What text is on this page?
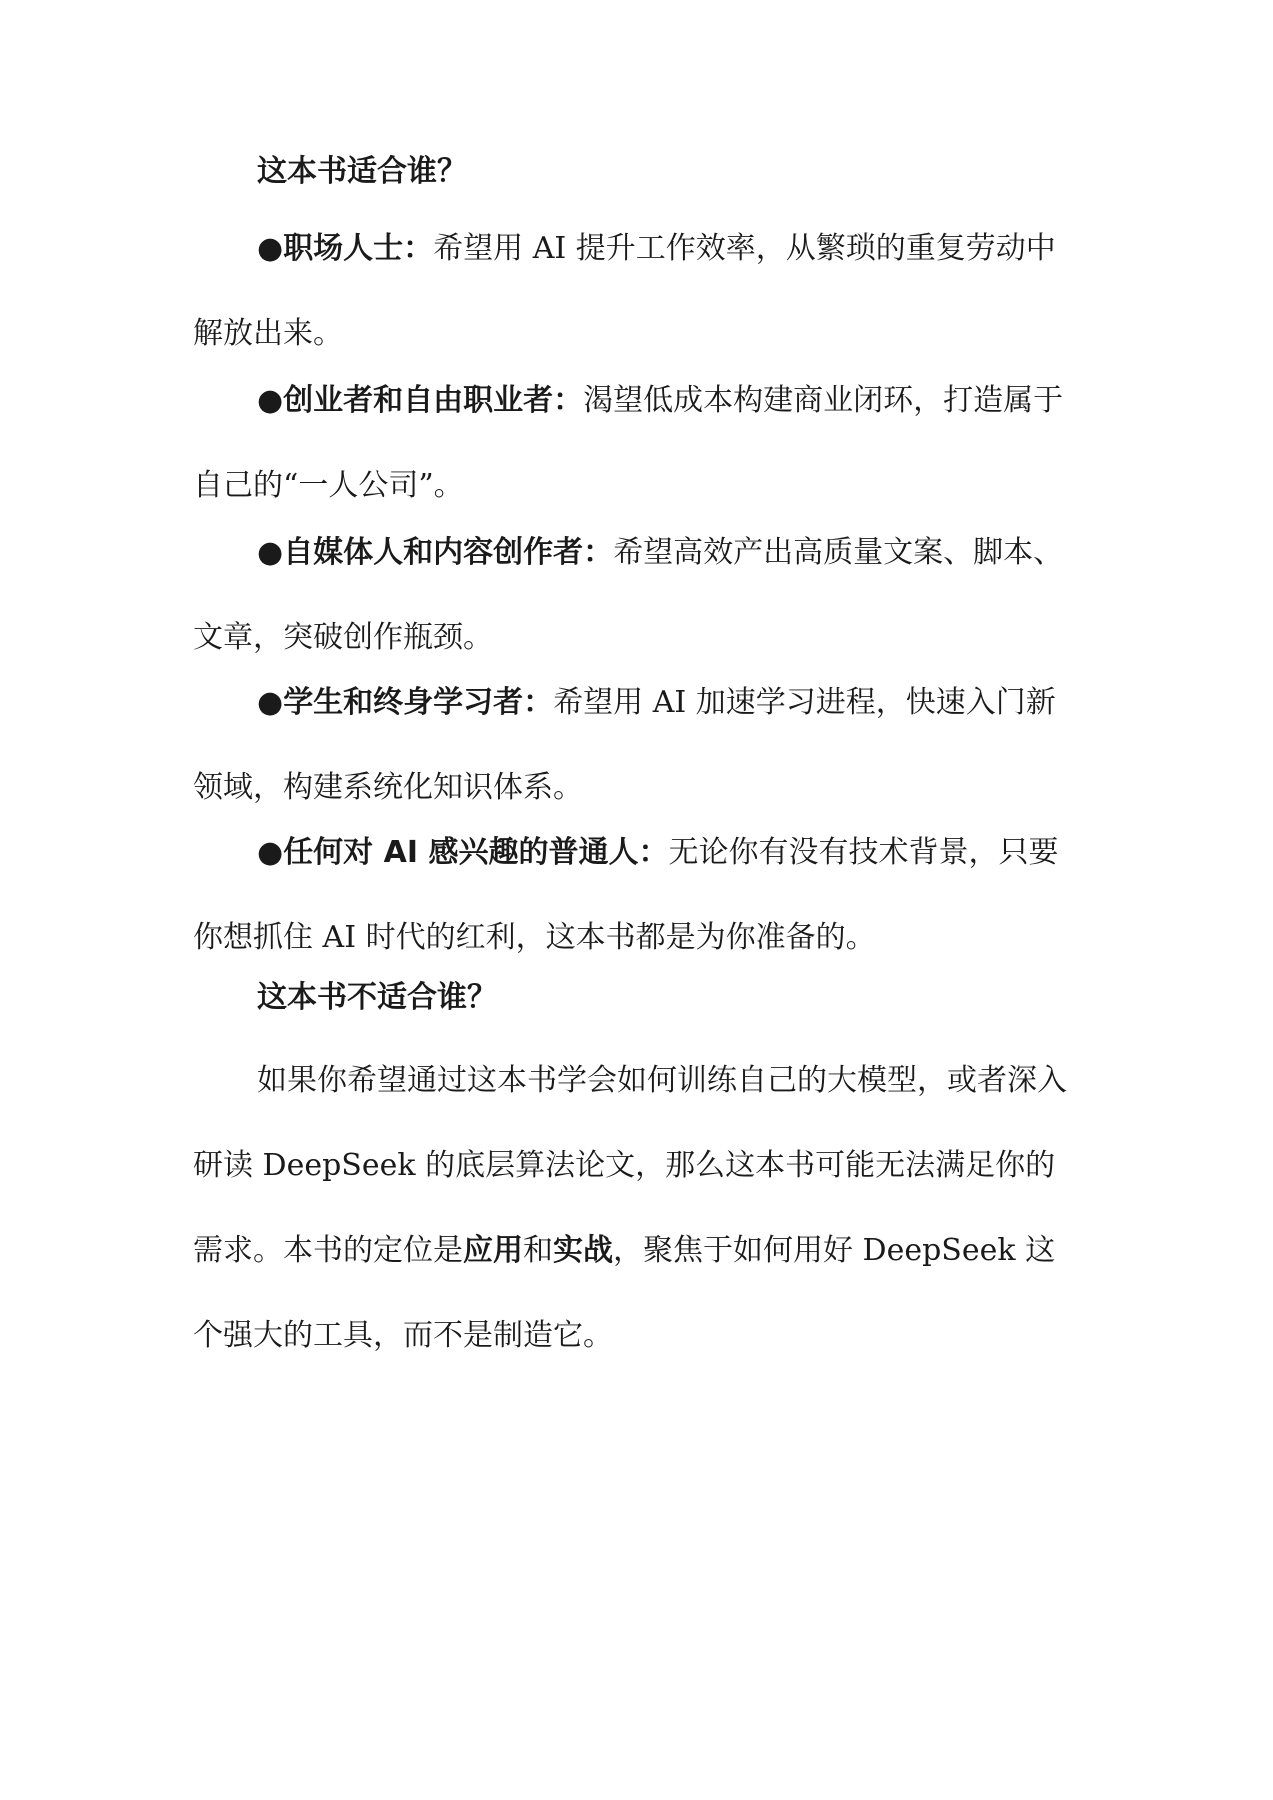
这本书适合谁？

●职场人士：希望用 AI 提升工作效率，从繁琐的重复劳动中解放出来。

●创业者和自由职业者：渴望低成本构建商业闭环，打造属于自己的“一人公司”。

●自媒体人和内容创作者：希望高效产出高质量文案、脚本、文章，突破创作瓶颈。

●学生和终身学习者：希望用 AI 加速学习进程，快速入门新领域，构建系统化知识体系。

●任何对 AI 感兴趣的普通人：无论你有没有技术背景，只要你想抓住 AI 时代的红利，这本书都是为你准备的。

这本书不适合谁？

如果你希望通过这本书学会如何训练自己的大模型，或者深入研读 DeepSeek 的底层算法论文，那么这本书可能无法满足你的需求。本书的定位是应用和实战，聚焦于如何用好 DeepSeek 这个强大的工具，而不是制造它。
